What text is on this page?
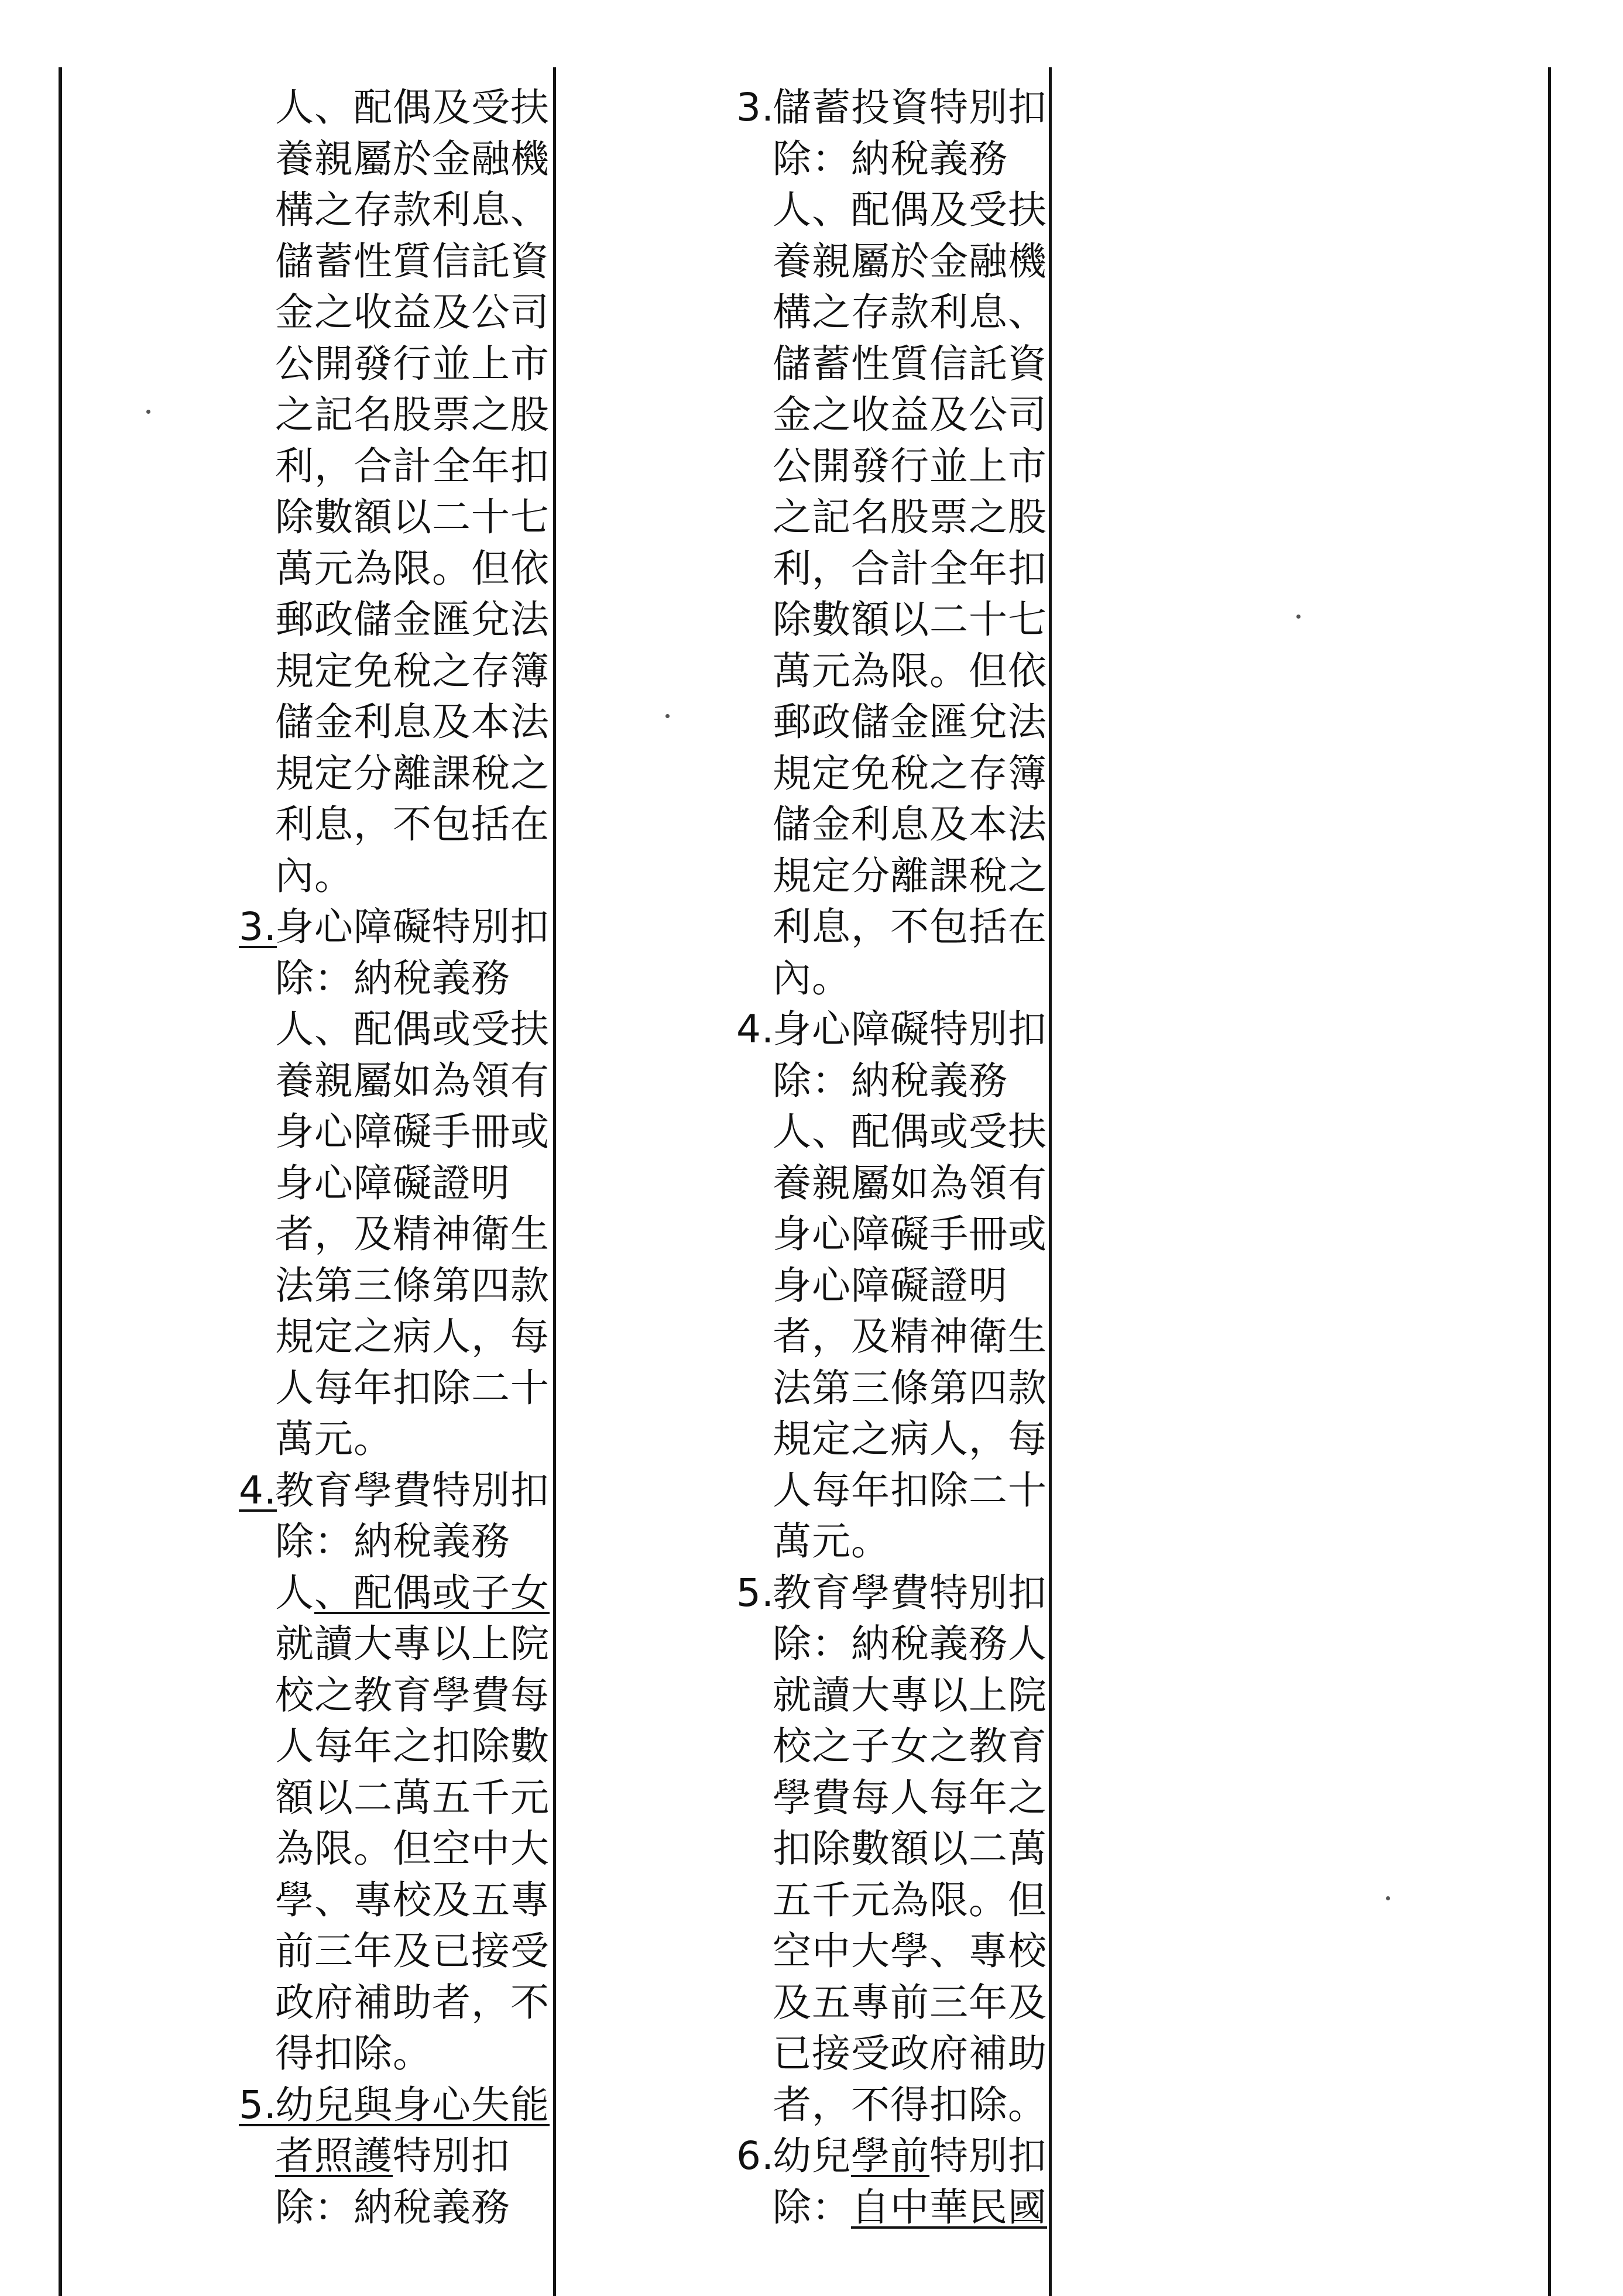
人、配偶及受扶
養親屬於金融機
構之存款利息、
儲蓄性質信託資
金之收益及公司
公開發行並上市
之記名股票之股
利，合計全年扣
除數額以二十七
萬元為限。但依
郵政儲金匯兌法
規定免稅之存簿
儲金利息及本法
規定分離課稅之
利息，不包括在
內。
3.身心障礙特別扣
除：納稅義務
人、配偶或受扶
養親屬如為領有
身心障礙手冊或
身心障礙證明
者，及精神衛生
法第三條第四款
規定之病人，每
人每年扣除二十
萬元。
4.教育學費特別扣
除：納稅義務
人、配偶或子女
就讀大專以上院
校之教育學費每
人每年之扣除數
額以二萬五千元
為限。但空中大
學、專校及五專
前三年及已接受
政府補助者，不
得扣除。
5.幼兒與身心失能
者照護特別扣
除：納稅義務
3.儲蓄投資特別扣
除：納稅義務
人、配偶及受扶
養親屬於金融機
構之存款利息、
儲蓄性質信託資
金之收益及公司
公開發行並上市
之記名股票之股
利，合計全年扣
除數額以二十七
萬元為限。但依
郵政儲金匯兌法
規定免稅之存簿
儲金利息及本法
規定分離課稅之
利息，不包括在
內。
4.身心障礙特別扣
除：納稅義務
人、配偶或受扶
養親屬如為領有
身心障礙手冊或
身心障礙證明
者，及精神衛生
法第三條第四款
規定之病人，每
人每年扣除二十
萬元。
5.教育學費特別扣
除：納稅義務人
就讀大專以上院
校之子女之教育
學費每人每年之
扣除數額以二萬
五千元為限。但
空中大學、專校
及五專前三年及
已接受政府補助
者，不得扣除。
6.幼兒學前特別扣
除：自中華民國
